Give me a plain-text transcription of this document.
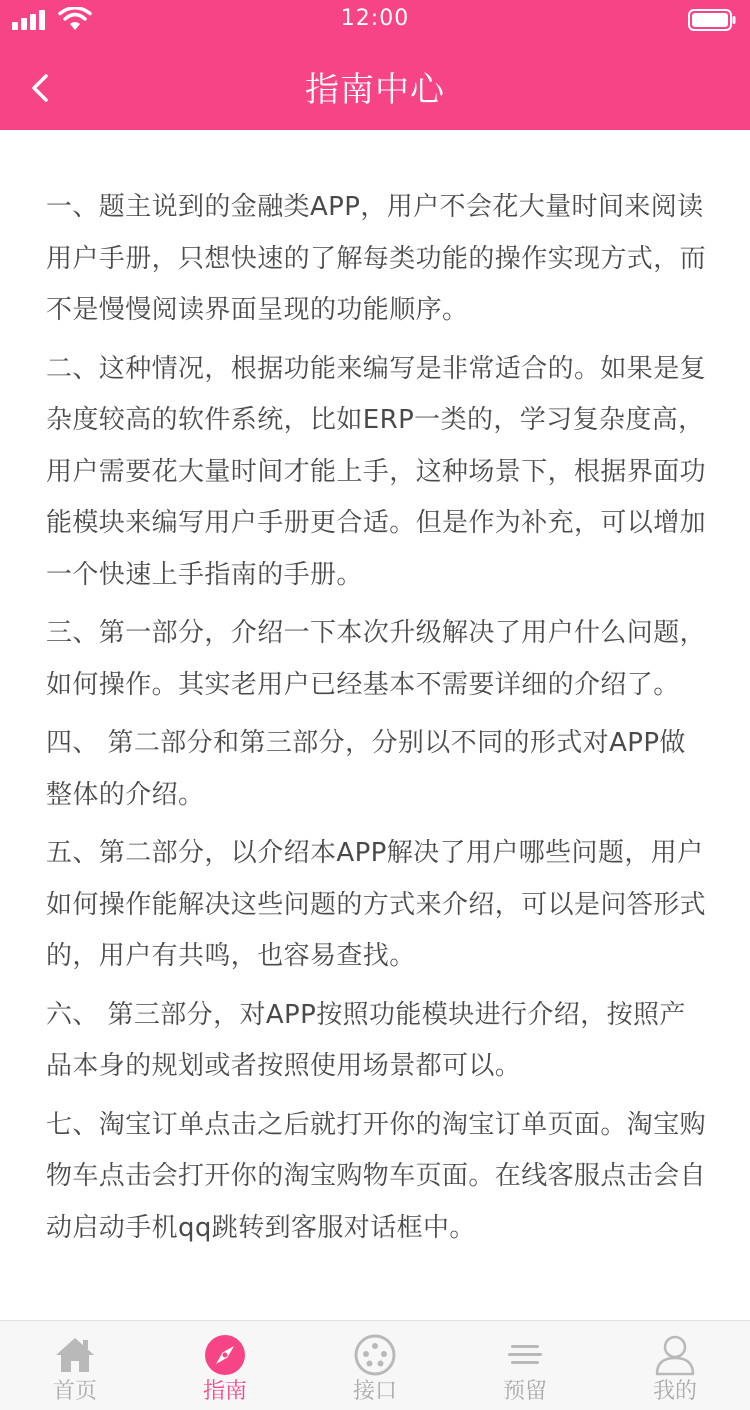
12:00
指南中心

一、题主说到的金融类APP，用户不会花大量时间来阅读用户手册，只想快速的了解每类功能的操作实现方式，而不是慢慢阅读界面呈现的功能顺序。

二、这种情况，根据功能来编写是非常适合的。如果是复杂度较高的软件系统，比如ERP一类的，学习复杂度高，用户需要花大量时间才能上手，这种场景下，根据界面功能模块来编写用户手册更合适。但是作为补充，可以增加一个快速上手指南的手册。

三、第一部分，介绍一下本次升级解决了用户什么问题，如何操作。其实老用户已经基本不需要详细的介绍了。

四、 第二部分和第三部分，分别以不同的形式对APP做整体的介绍。

五、第二部分，以介绍本APP解决了用户哪些问题，用户如何操作能解决这些问题的方式来介绍，可以是问答形式的，用户有共鸣，也容易查找。

六、 第三部分，对APP按照功能模块进行介绍，按照产品本身的规划或者按照使用场景都可以。

七、淘宝订单点击之后就打开你的淘宝订单页面。淘宝购物车点击会打开你的淘宝购物车页面。在线客服点击会自动启动手机qq跳转到客服对话框中。

首页	指南	接口	预留	我的
